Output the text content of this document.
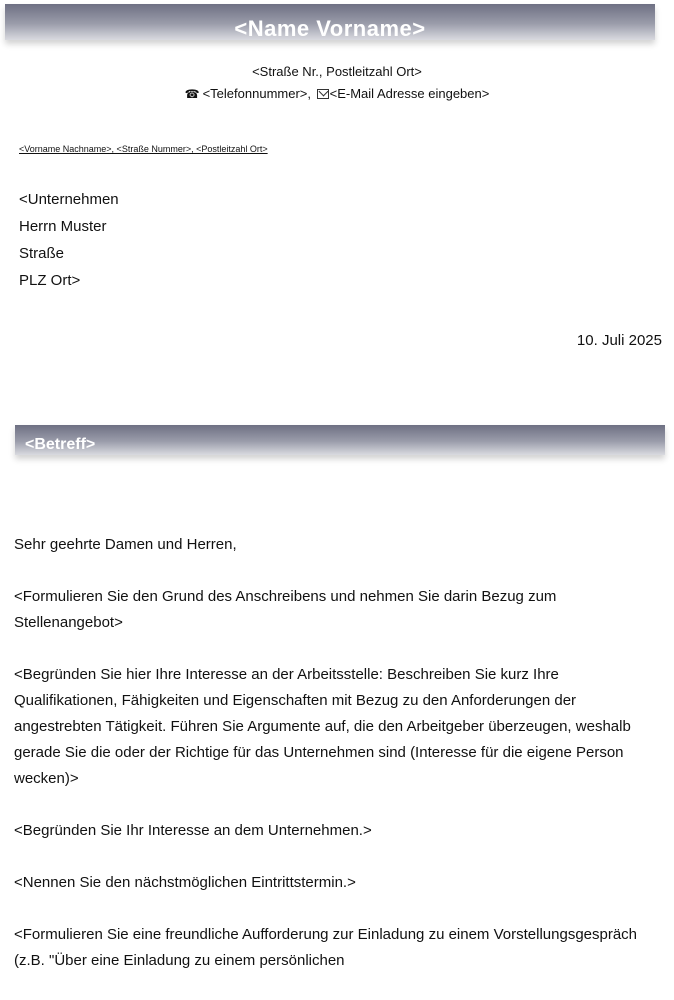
<Name Vorname>
<Straße Nr., Postleitzahl Ort>
☎ <Telefonnummer>, <E-Mail Adresse eingeben>
<Vorname Nachname>, <Straße Nummer>, <Postleitzahl Ort>
<Unternehmen
Herrn Muster
Straße
PLZ Ort>
10. Juli 2025
<Betreff>

Sehr geehrte Damen und Herren,

<Formulieren Sie den Grund des Anschreibens und nehmen Sie darin Bezug zum Stellenangebot>

<Begründen Sie hier Ihre Interesse an der Arbeitsstelle: Beschreiben Sie kurz Ihre Qualifikationen, Fähigkeiten und Eigenschaften mit Bezug zu den Anforderungen der angestrebten Tätigkeit. Führen Sie Argumente auf, die den Arbeitgeber überzeugen, weshalb gerade Sie die oder der Richtige für das Unternehmen sind (Interesse für die eigene Person wecken)>

<Begründen Sie Ihr Interesse an dem Unternehmen.>

<Nennen Sie den nächstmöglichen Eintrittstermin.>

<Formulieren Sie eine freundliche Aufforderung zur Einladung zu einem Vorstellungsgespräch (z.B. "Über eine Einladung zu einem persönlichen
